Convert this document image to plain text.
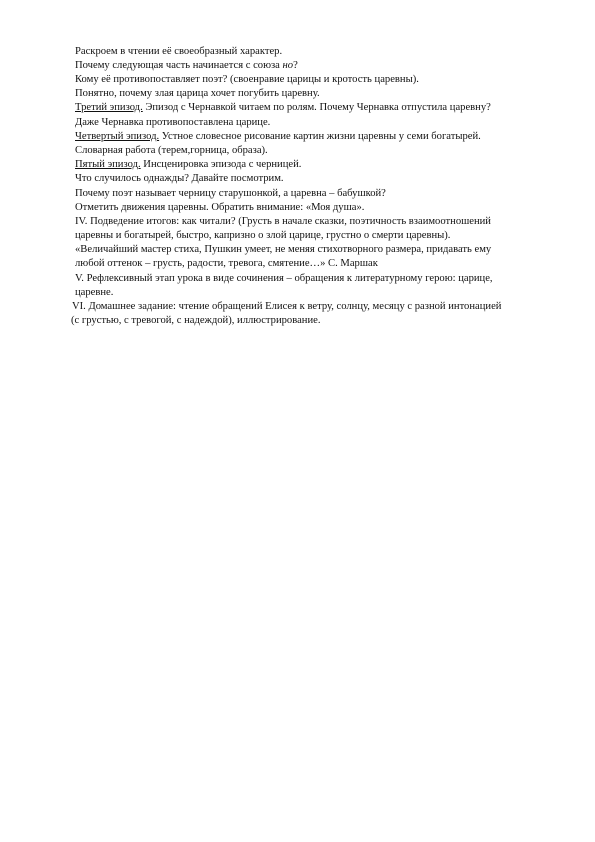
Раскроем в чтении её своеобразный характер.
Почему следующая часть начинается с союза но?
Кому её противопоставляет поэт? (своенравие царицы и кротость царевны).
Понятно, почему злая царица хочет погубить царевну.
Третий эпизод. Эпизод с Чернавкой читаем по ролям. Почему Чернавка отпустила царевну?
Даже Чернавка противопоставлена царице.
Четвертый эпизод. Устное словесное рисование картин жизни царевны у семи богатырей.
Словарная работа (терем,горница, образа).
Пятый эпизод. Инсценировка эпизода с черницей.
Что случилось однажды? Давайте посмотрим.
Почему поэт называет черницу старушонкой, а царевна – бабушкой?
Отметить движения царевны. Обратить внимание: «Моя душа».
IV. Подведение итогов: как читали? (Грусть в начале сказки, поэтичность взаимоотношений
царевны и богатырей, быстро, капризно о злой царице, грустно о смерти царевны).
«Величайший мастер стиха, Пушкин умеет, не меняя стихотворного размера, придавать ему
любой оттенок – грусть, радости, тревога, смятение…» С. Маршак
V. Рефлексивный этап урока в виде сочинения – обращения к литературному герою: царице,
царевне.
VI. Домашнее задание: чтение обращений Елисея к ветру, солнцу, месяцу с разной интонацией
(с грустью, с тревогой, с надеждой), иллюстрирование.
